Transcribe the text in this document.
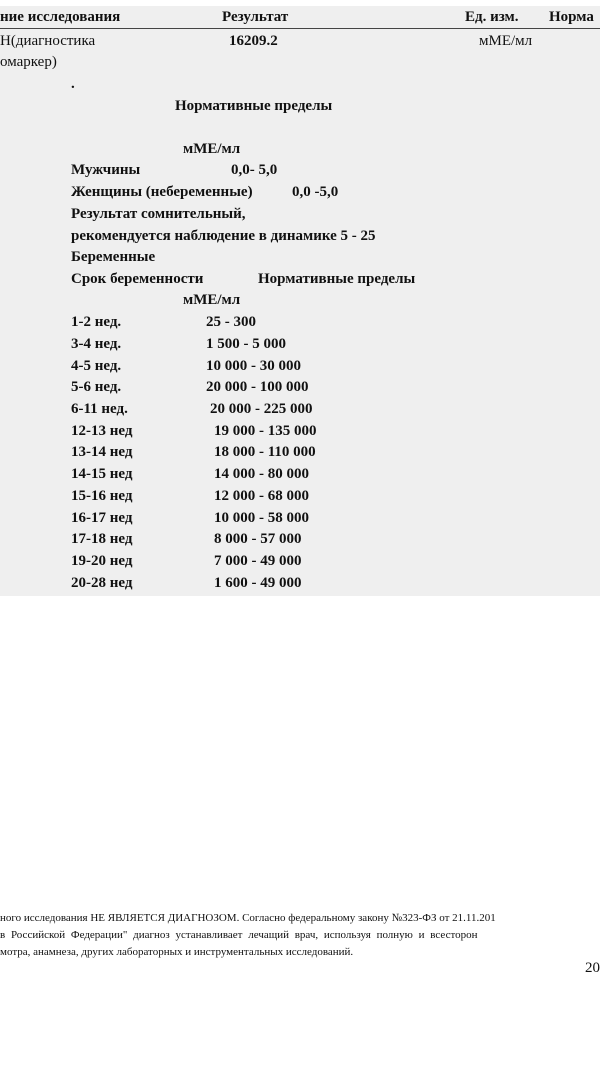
ние исследования	Результат	Ед. изм. Норма
Н(диагностика
омаркер)
16209.2	мМЕ/мл
.
Нормативные пределы
мМЕ/мл
Мужчины	0,0- 5,0
Женщины (небеременные)	0,0 -5,0
Результат сомнительный,
рекомендуется наблюдение в динамике 5 - 25
Беременные
Срок беременности	Нормативные пределы
мМЕ/мл
1-2 нед.	25 - 300
3-4 нед.	1 500 - 5 000
4-5 нед.	10 000 - 30 000
5-6 нед.	20 000 - 100 000
6-11 нед.	20 000 - 225 000
12-13 нед	19 000 - 135 000
13-14 нед	18 000 - 110 000
14-15 нед	14 000 - 80 000
15-16 нед	12 000 - 68 000
16-17 нед	10 000 - 58 000
17-18 нед	8 000 - 57 000
19-20 нед	7 000 - 49 000
20-28 нед	1 600 - 49 000
ного исследования НЕ ЯВЛЯЕТСЯ ДИАГНОЗОМ. Согласно федеральному закону №323-ФЗ от 21.11.201
в Российской Федерации" диагноз устанавливает лечащий врач, используя полную и всесторон
мотра, анамнеза, других лабораторных и инструментальных исследований.
20
